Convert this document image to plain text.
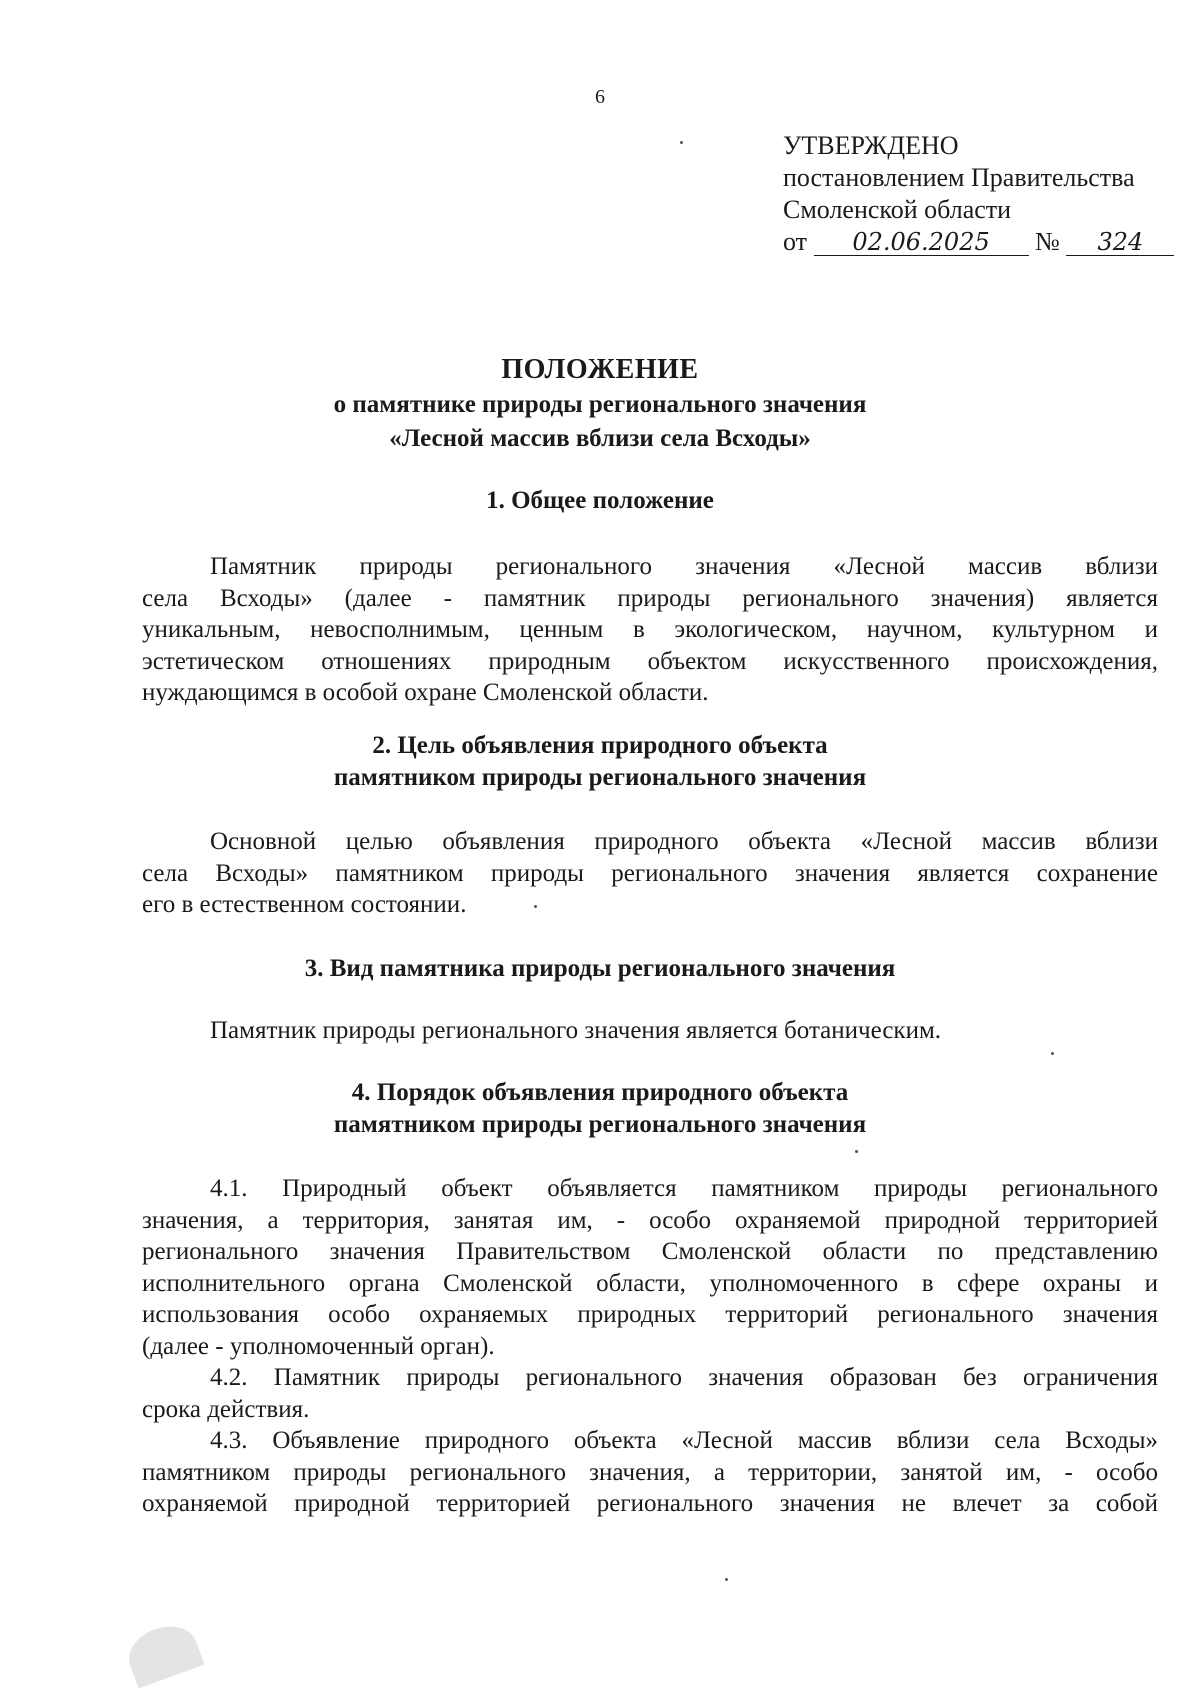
6
УТВЕРЖДЕНО
постановлением Правительства
Смоленской области
от 02.06.2025 № 324
ПОЛОЖЕНИЕ
о памятнике природы регионального значения
«Лесной массив вблизи села Всходы»
1. Общее положение
Памятник природы регионального значения «Лесной массив вблизи
села Всходы» (далее - памятник природы регионального значения) является
уникальным, невосполнимым, ценным в экологическом, научном, культурном и
эстетическом отношениях природным объектом искусственного происхождения,
нуждающимся в особой охране Смоленской области.
2. Цель объявления природного объекта
памятником природы регионального значения
Основной целью объявления природного объекта «Лесной массив вблизи
села Всходы» памятником природы регионального значения является сохранение
его в естественном состоянии.
3. Вид памятника природы регионального значения
Памятник природы регионального значения является ботаническим.
4. Порядок объявления природного объекта
памятником природы регионального значения
4.1. Природный объект объявляется памятником природы регионального
значения, а территория, занятая им, - особо охраняемой природной территорией
регионального значения Правительством Смоленской области по представлению
исполнительного органа Смоленской области, уполномоченного в сфере охраны и
использования особо охраняемых природных территорий регионального значения
(далее - уполномоченный орган).
4.2. Памятник природы регионального значения образован без ограничения
срока действия.
4.3. Объявление природного объекта «Лесной массив вблизи села Всходы»
памятником природы регионального значения, а территории, занятой им, - особо
охраняемой природной территорией регионального значения не влечет за собой
